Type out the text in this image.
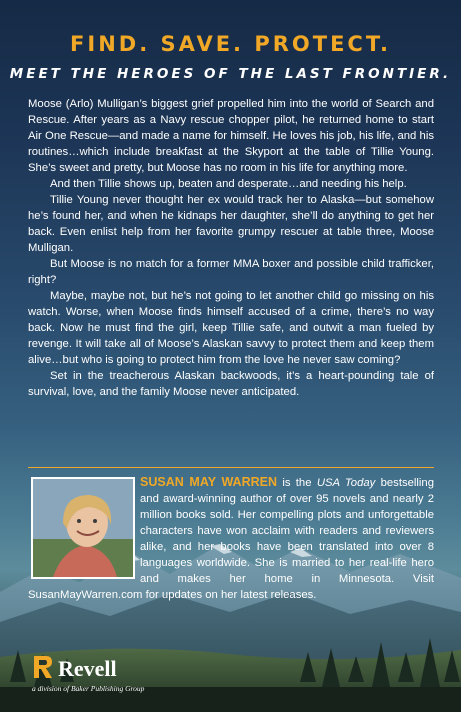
FIND. SAVE. PROTECT.
MEET THE HEROES OF THE LAST FRONTIER.

Moose (Arlo) Mulligan’s biggest grief propelled him into the world of Search and Rescue. After years as a Navy rescue chopper pilot, he returned home to start Air One Rescue—and made a name for himself. He loves his job, his life, and his routines…which include breakfast at the Skyport at the table of Tillie Young. She’s sweet and pretty, but Moose has no room in his life for anything more.

And then Tillie shows up, beaten and desperate…and needing his help.

Tillie Young never thought her ex would track her to Alaska—but somehow he’s found her, and when he kidnaps her daughter, she’ll do anything to get her back. Even enlist help from her favorite grumpy rescuer at table three, Moose Mulligan.

But Moose is no match for a former MMA boxer and possible child trafficker, right?

Maybe, maybe not, but he’s not going to let another child go missing on his watch. Worse, when Moose finds himself accused of a crime, there’s no way back. Now he must find the girl, keep Tillie safe, and outwit a man fueled by revenge. It will take all of Moose’s Alaskan savvy to protect them and keep them alive…but who is going to protect him from the love he never saw coming?

Set in the treacherous Alaskan backwoods, it’s a heart-pounding tale of survival, love, and the family Moose never anticipated.

SUSAN MAY WARREN is the USA Today bestselling and award-winning author of over 95 novels and nearly 2 million books sold. Her compelling plots and unforgettable characters have won acclaim with readers and reviewers alike, and her books have been translated into over 8 languages worldwide. She is married to her real-life hero and makes her home in Minnesota. Visit SusanMayWarren.com for updates on her latest releases.
Revell
a division of Baker Publishing Group
